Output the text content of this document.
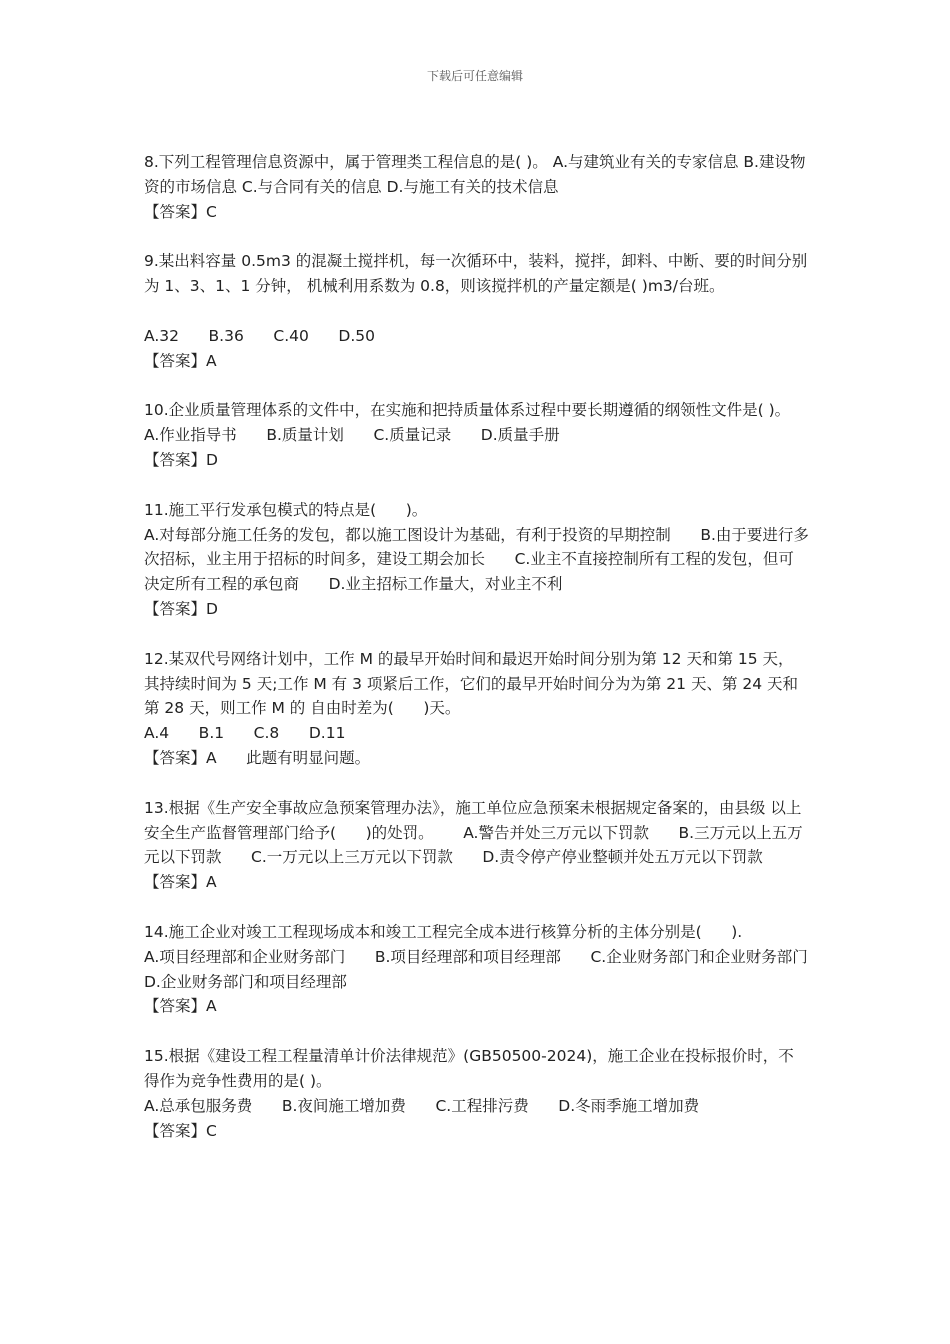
下载后可任意编辑

8.下列工程管理信息资源中，属于管理类工程信息的是( )。 A.与建筑业有关的专家信息 B.建设物资的市场信息 C.与合同有关的信息 D.与施工有关的技术信息

【答案】C

9.某出料容量 0.5m3 的混凝土搅拌机，每一次循环中，装料，搅拌，卸料、中断、要的时间分别为 1、3、1、1 分钟， 机械利用系数为 0.8，则该搅拌机的产量定额是( )m3/台班。

A.32      B.36      C.40      D.50

【答案】A

10.企业质量管理体系的文件中，在实施和把持质量体系过程中要长期遵循的纲领性文件是( )。

A.作业指导书      B.质量计划      C.质量记录      D.质量手册

【答案】D

11.施工平行发承包模式的特点是(      )。

A.对每部分施工任务的发包，都以施工图设计为基础，有利于投资的早期控制      B.由于要进行多次招标，业主用于招标的时间多，建设工期会加长      C.业主不直接控制所有工程的发包，但可决定所有工程的承包商      D.业主招标工作量大，对业主不利

【答案】D

12.某双代号网络计划中，工作 M 的最早开始时间和最迟开始时间分别为第 12 天和第 15 天，其持续时间为 5 天;工作 M 有 3 项紧后工作，它们的最早开始时间分为为第 21 天、第 24 天和第 28 天，则工作 M 的 自由时差为(      )天。

A.4      B.1      C.8      D.11

【答案】A      此题有明显问题。

13.根据《生产安全事故应急预案管理办法》，施工单位应急预案未根据规定备案的，由县级 以上安全生产监督管理部门给予(      )的处罚。      A.警告并处三万元以下罚款      B.三万元以上五万元以下罚款      C.一万元以上三万元以下罚款      D.责令停产停业整顿并处五万元以下罚款

【答案】A

14.施工企业对竣工工程现场成本和竣工工程完全成本进行核算分析的主体分别是(      ).

A.项目经理部和企业财务部门      B.项目经理部和项目经理部      C.企业财务部门和企业财务部门      D.企业财务部门和项目经理部

【答案】A

15.根据《建设工程工程量清单计价法律规范》(GB50500-2024)，施工企业在投标报价时，不得作为竞争性费用的是( )。

A.总承包服务费      B.夜间施工增加费      C.工程排污费      D.冬雨季施工增加费

【答案】C
